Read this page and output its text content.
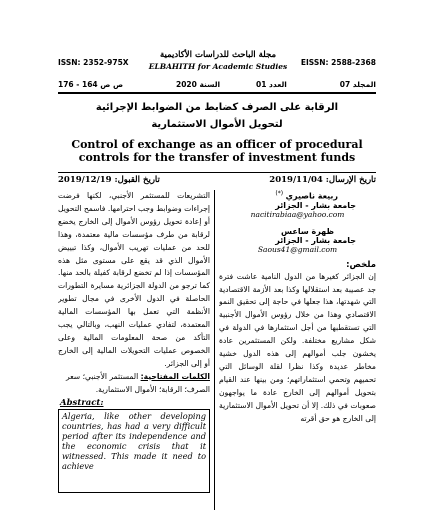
ISSN: 2352-975X
مجلة الباحث للدراسات الأكاديمية
ELBAHITH for Academic Studies	EISSN: 2588-2368
ص ص 164 - 176	السنة 2020	العدد 01	المجلد 07
الرقابة على الصرف كضابط من الضوابط الإجرائية
لتحويل الأموال الاستثمارية
Control of exchange as an officer of procedural controls for the transfer of investment funds
تاريخ القبول: 2019/12/19	تاريخ الإرسال: 2019/11/04

التشريعات للمستثمر الأجنبي، لكنها فرضت إجراءات وضوابط وجب احترامها. فاسمح التحويل أو إعادة تحويل رؤوس الأموال إلى الخارج يخضع لرقابة من طرف مؤسسات مالية معتمدة، وهذا للحد من عمليات تهريب الأموال، وكذا تبييض الأموال الذي قد يقع على مستوى مثل هذه المؤسسات إذا لم تخضع لرقابة كفيلة بالحد منها. كما ترجو من الدولة الجزائرية مسايرة التطورات الحاصلة في الدول الأخرى في مجال تطوير الأنظمة التي تعمل بها المؤسسات المالية المعتمدة، لتفادي عمليات النهب، وبالتالي يجب التأكد من صحة المعلومات المالية وعلى الخصوص عمليات التحويلات المالية إلى الخارج أو إلى الجزائر.

الكلمات المفتاحية: المستثمر الأجنبي؛ سعر الصرف؛ الرقابة؛ الأموال الاستثمارية.

Abstract:

Algeria, like other developing countries, has had a very difficult period after its independence and the economic crisis that it witnessed. This made it need to achieve

ربيعة ناصيري (*)
جامعة بشار - الجزائر
nacitirabiaa@yahoo.com
ظهرة ساعس
جامعة بشار - الجزائر
Saous41@gmail.com
ملخص:

إن الجزائر كغيرها من الدول النامية عاشت فترة جد عصيبة بعد استقلالها وكذا بعد الأزمة الاقتصادية التي شهدتها، هذا جعلها في حاجة إلى تحقيق النمو الاقتصادي وهذا من خلال رؤوس الأموال الأجنبية التي تستقطبها من أجل استثمارها في الدولة في شكل مشاريع مختلفة. ولكن المستثمرين عادة يخشون جلب أموالهم إلى هذه الدول خشية مخاطر عديدة وكذا نظرا لقلة الوسائل التي تحميهم وتحمي استثماراتهم؛ ومن بينها عند القيام بتحويل أموالهم إلى الخارج عادة ما يواجهون صعوبات في ذلك. إلا أن تحويل الأموال الاستثمارية إلى الخارج هو حق أقرته
